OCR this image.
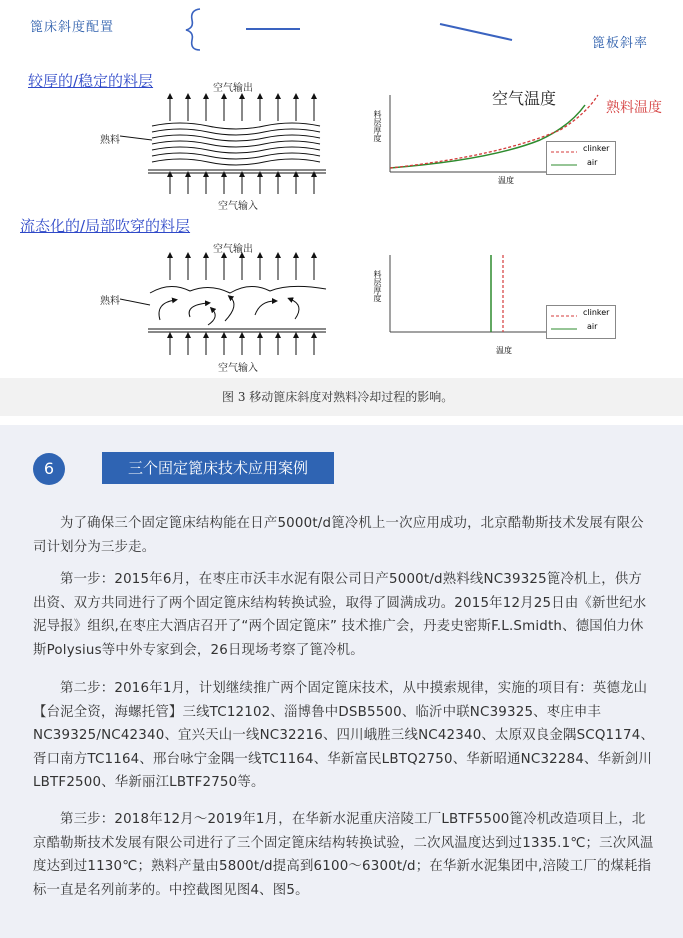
篦床斜度配置
篦板斜率
较厚的/稳定的料层	空气输出
熟料
空气输入
料层厚度
温度
空气温度	熟料温度
clinker
air
流态化的/局部吹穿的料层
空气输出
熟料
空气输入
料层厚度
温度
clinker
air
图 3 移动篦床斜度对熟料冷却过程的影响。
6	三个固定篦床技术应用案例

为了确保三个固定篦床结构能在日产5000t/d篦冷机上一次应用成功，北京酷勒斯技术发展有限公司计划分为三步走。

第一步：2015年6月，在枣庄市沃丰水泥有限公司日产5000t/d熟料线NC39325篦冷机上，供方出资、双方共同进行了两个固定篦床结构转换试验，取得了圆满成功。2015年12月25日由《新世纪水泥导报》组织,在枣庄大酒店召开了“两个固定篦床” 技术推广会，丹麦史密斯F.L.Smidth、德国伯力休斯Polysius等中外专家到会，26日现场考察了篦冷机。

第二步：2016年1月，计划继续推广两个固定篦床技术，从中摸索规律，实施的项目有：英德龙山【台泥全资，海螺托管】三线TC12102、淄博鲁中DSB5500、临沂中联NC39325、枣庄申丰NC39325/NC42340、宜兴天山一线NC32216、四川峨胜三线NC42340、太原双良金隅SCQ1174、胥口南方TC1164、邢台咏宁金隅一线TC1164、华新富民LBTQ2750、华新昭通NC32284、华新剑川LBTF2500、华新丽江LBTF2750等。

第三步：2018年12月～2019年1月，在华新水泥重庆涪陵工厂LBTF5500篦冷机改造项目上，北京酷勒斯技术发展有限公司进行了三个固定篦床结构转换试验，二次风温度达到过1335.1℃；三次风温度达到过1130℃；熟料产量由5800t/d提高到6100～6300t/d；在华新水泥集团中,涪陵工厂的煤耗指标一直是名列前茅的。中控截图见图4、图5。
